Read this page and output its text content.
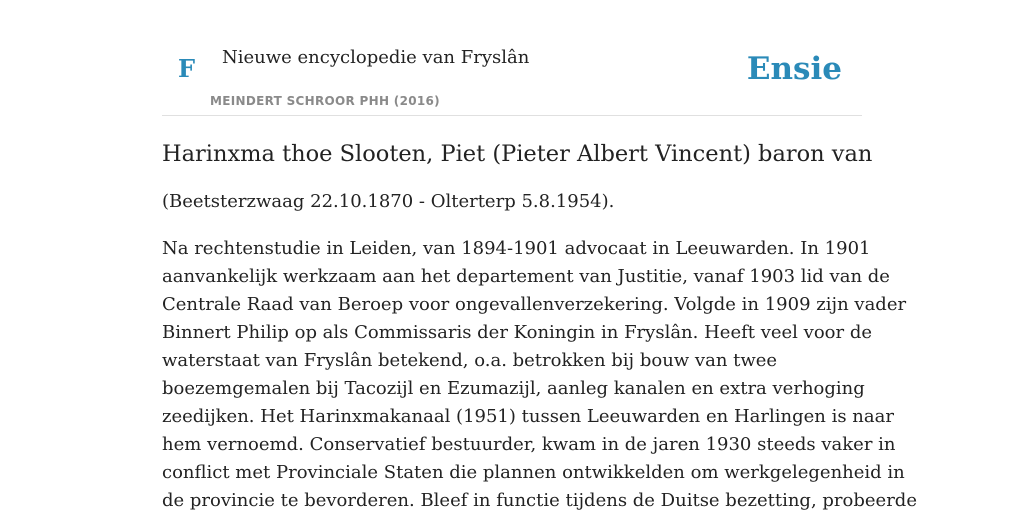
F Nieuwe encyclopedie van Fryslân
MEINDERT SCHROOR PHH (2016)
Ensie
Harinxma thoe Slooten, Piet (Pieter Albert Vincent) baron van

(Beetsterzwaag 22.10.1870 - Olterterp 5.8.1954).

Na rechtenstudie in Leiden, van 1894-1901 advocaat in Leeuwarden. In 1901
aanvankelijk werkzaam aan het departement van Justitie, vanaf 1903 lid van de
Centrale Raad van Beroep voor ongevallenverzekering. Volgde in 1909 zijn vader
Binnert Philip op als Commissaris der Koningin in Fryslân. Heeft veel voor de
waterstaat van Fryslân betekend, o.a. betrokken bij bouw van twee
boezemgemalen bij Tacozijl en Ezumazijl, aanleg kanalen en extra verhoging
zeedijken. Het Harinxmakanaal (1951) tussen Leeuwarden en Harlingen is naar
hem vernoemd. Conservatief bestuurder, kwam in de jaren 1930 steeds vaker in
conflict met Provinciale Staten die plannen ontwikkelden om werkgelegenheid in
de provincie te bevorderen. Bleef in functie tijdens de Duitse bezetting, probeerde
